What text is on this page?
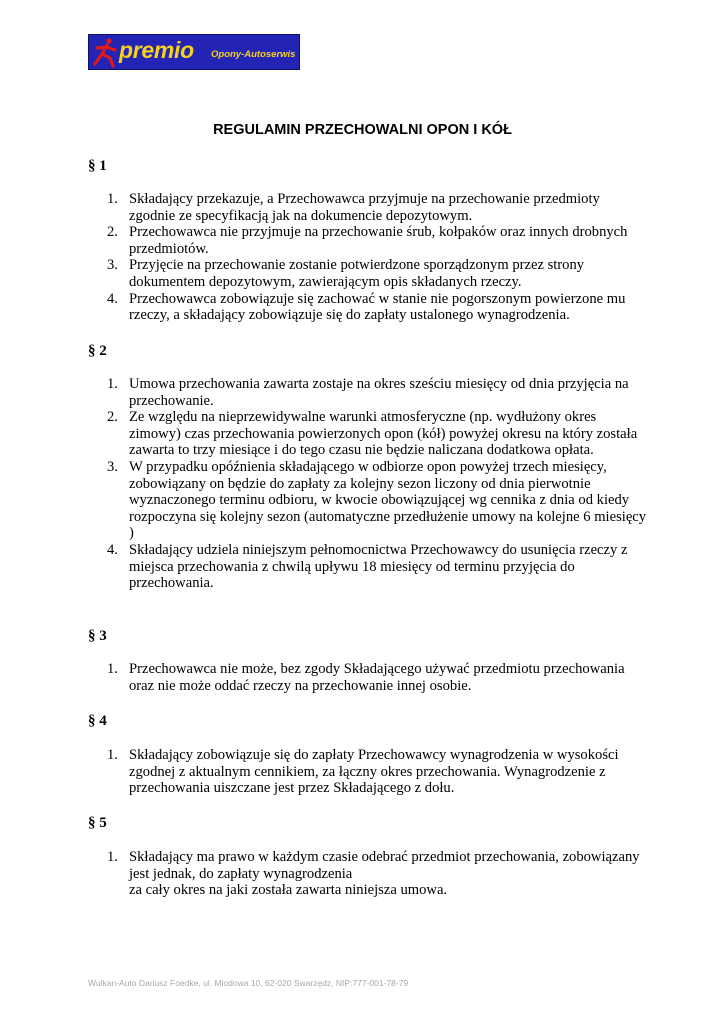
premio Opony-Autoserwis
REGULAMIN PRZECHOWALNI OPON I KÓŁ

§ 1

1. Składający przekazuje, a Przechowawca przyjmuje na przechowanie przedmioty zgodnie ze specyfikacją jak na dokumencie depozytowym.
2. Przechowawca nie przyjmuje na przechowanie śrub, kołpaków oraz innych drobnych przedmiotów.
3. Przyjęcie na przechowanie zostanie potwierdzone sporządzonym przez strony dokumentem depozytowym, zawierającym opis składanych rzeczy.
4. Przechowawca zobowiązuje się zachować w stanie nie pogorszonym powierzone mu rzeczy, a składający zobowiązuje się do zapłaty ustalonego wynagrodzenia.

§ 2

1. Umowa przechowania zawarta zostaje na okres sześciu miesięcy od dnia przyjęcia na przechowanie.
2. Ze względu na nieprzewidywalne warunki atmosferyczne (np. wydłużony okres zimowy) czas przechowania powierzonych opon (kół) powyżej okresu na który została zawarta to trzy miesiące i do tego czasu nie będzie naliczana dodatkowa opłata.
3. W przypadku opóźnienia składającego w odbiorze opon powyżej trzech miesięcy, zobowiązany on będzie do zapłaty za kolejny sezon liczony od dnia pierwotnie wyznaczonego terminu odbioru, w kwocie obowiązującej wg cennika z dnia od kiedy rozpoczyna się kolejny sezon (automatyczne przedłużenie umowy na kolejne 6 miesięcy )
4. Składający udziela niniejszym pełnomocnictwa Przechowawcy do usunięcia rzeczy z miejsca przechowania z chwilą upływu 18 miesięcy od terminu przyjęcia do przechowania.

§ 3

1. Przechowawca nie może, bez zgody Składającego używać przedmiotu przechowania oraz nie może oddać rzeczy na przechowanie innej osobie.

§ 4

1. Składający zobowiązuje się do zapłaty Przechowawcy wynagrodzenia w wysokości zgodnej z aktualnym cennikiem, za łączny okres przechowania. Wynagrodzenie z przechowania uiszczane jest przez Składającego z dołu.

§ 5

1. Składający ma prawo w każdym czasie odebrać przedmiot przechowania, zobowiązany jest jednak, do zapłaty wynagrodzenia
za cały okres na jaki została zawarta niniejsza umowa.
Wulkan-Auto Dariusz Foedke, ul. Miodowa 10, 62-020 Swarzędz, NIP:777-001-78-79
